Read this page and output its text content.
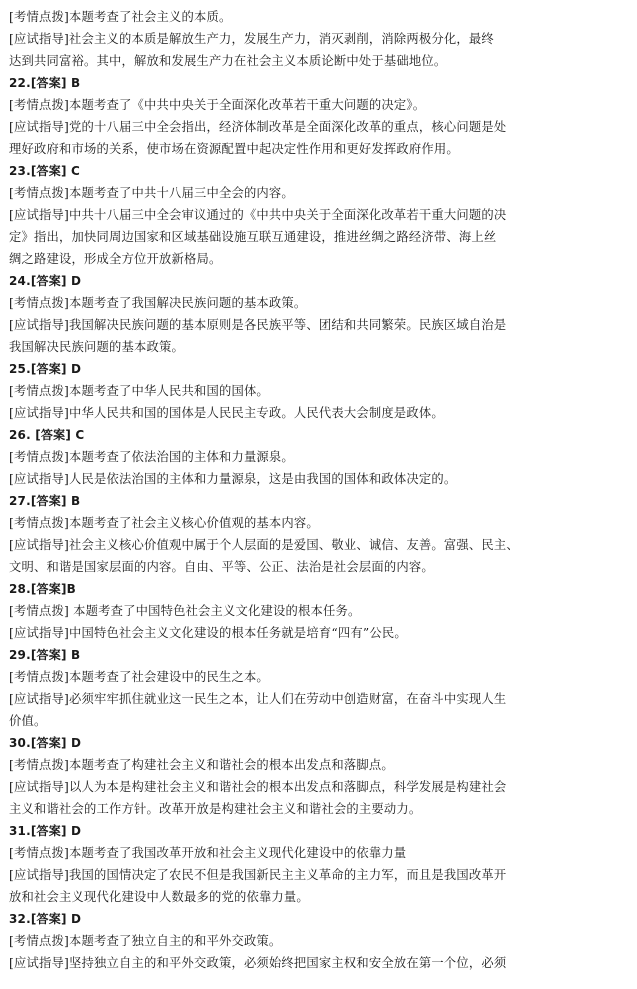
[考情点拨]本题考查了社会主义的本质。
[应试指导]社会主义的本质是解放生产力，发展生产力，消灭剥削，消除两极分化，最终
达到共同富裕。其中，解放和发展生产力在社会主义本质论断中处于基础地位。
22.[答案] B
[考情点拨]本题考查了《中共中央关于全面深化改革若干重大问题的决定》。
[应试指导]党的十八届三中全会指出，经济体制改革是全面深化改革的重点，核心问题是处
理好政府和市场的关系，使市场在资源配置中起决定性作用和更好发挥政府作用。
23.[答案] C
[考情点拨]本题考查了中共十八届三中全会的内容。
[应试指导]中共十八届三中全会审议通过的《中共中央关于全面深化改革若干重大问题的决
定》指出，加快同周边国家和区域基础设施互联互通建设，推进丝绸之路经济带、海上丝
绸之路建设，形成全方位开放新格局。
24.[答案] D
[考情点拨]本题考查了我国解决民族问题的基本政策。
[应试指导]我国解决民族问题的基本原则是各民族平等、团结和共同繁荣。民族区域自治是
我国解决民族问题的基本政策。
25.[答案] D
[考情点拨]本题考查了中华人民共和国的国体。
[应试指导]中华人民共和国的国体是人民民主专政。人民代表大会制度是政体。
26. [答案] C
[考情点拨]本题考查了依法治国的主体和力量源泉。
[应试指导]人民是依法治国的主体和力量源泉，这是由我国的国体和政体决定的。
27.[答案] B
[考情点拨]本题考查了社会主义核心价值观的基本内容。
[应试指导]社会主义核心价值观中属于个人层面的是爱国、敬业、诚信、友善。富强、民主、
文明、和谐是国家层面的内容。自由、平等、公正、法治是社会层面的内容。
28.[答案]B
[考情点拨] 本题考查了中国特色社会主义文化建设的根本任务。
[应试指导]中国特色社会主义文化建设的根本任务就是培育“四有”公民。
29.[答案] B
[考情点拨]本题考查了社会建设中的民生之本。
[应试指导]必须牢牢抓住就业这一民生之本，让人们在劳动中创造财富，在奋斗中实现人生
价值。
30.[答案] D
[考情点拨]本题考查了构建社会主义和谐社会的根本出发点和落脚点。
[应试指导]以人为本是构建社会主义和谐社会的根本出发点和落脚点，科学发展是构建社会
主义和谐社会的工作方针。改革开放是构建社会主义和谐社会的主要动力。
31.[答案] D
[考情点拨]本题考查了我国改革开放和社会主义现代化建设中的依靠力量
[应试指导]我国的国情决定了农民不但是我国新民主主义革命的主力军，而且是我国改革开
放和社会主义现代化建设中人数最多的党的依靠力量。
32.[答案] D
[考情点拨]本题考查了独立自主的和平外交政策。
[应试指导]坚持独立自主的和平外交政策，必须始终把国家主权和安全放在第一个位，必须
